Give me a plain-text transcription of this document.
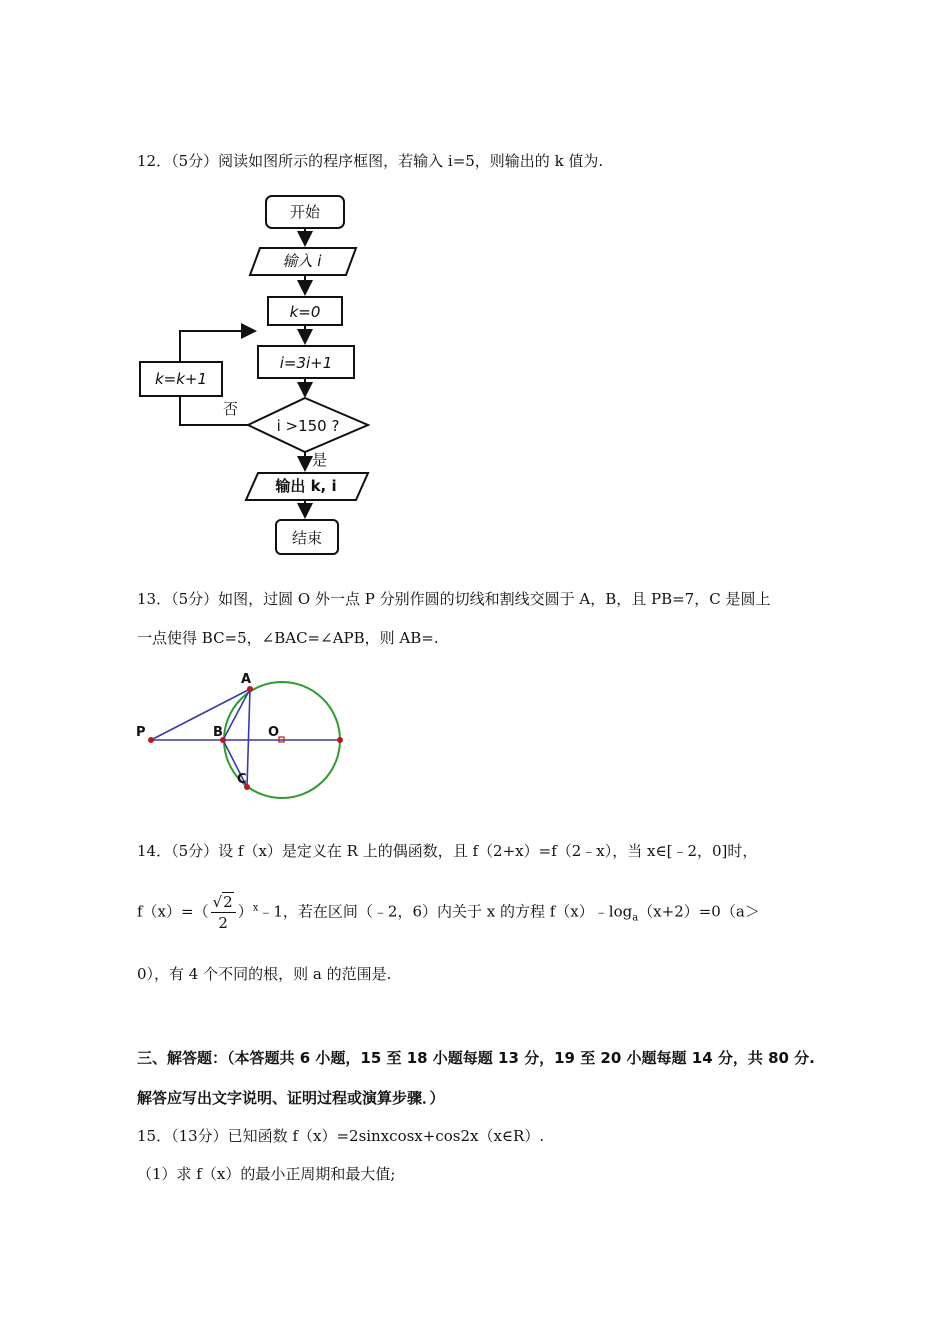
12．（5分）阅读如图所示的程序框图，若输入 i=5，则输出的 k 值为.
开始
输入 i
k=0
i=3i+1
k=k+1
i >150 ?
否
是
输出 k, i
结束
13．（5分）如图，过圆 O 外一点 P 分别作圆的切线和割线交圆于 A，B，且 PB=7，C 是圆上
一点使得 BC=5，∠BAC=∠APB，则 AB=.
A
B	O
P
C
14．（5分）设 f（x）是定义在 R 上的偶函数，且 f（2+x）=f（2﹣x），当 x∈[﹣2，0]时，
$f(x)=( \frac{√2}{2}$ ）$^x﹣1$，若在区间（﹣2，6）内关于 x 的方程 $f(x)﹣\log_a(x+2)=0(a>$
0），有 4 个不同的根，则 a 的范围是.
三、解答题：（本答题共 6 小题，15 至 18 小题每题 13 分，19 至 20 小题每题 14 分，共 80 分.
解答应写出文字说明、证明过程或演算步骤．）
15．（13分）已知函数 f（x）=2sinxcosx+cos2x（x∈R）.
（1）求 f（x）的最小正周期和最大值;
